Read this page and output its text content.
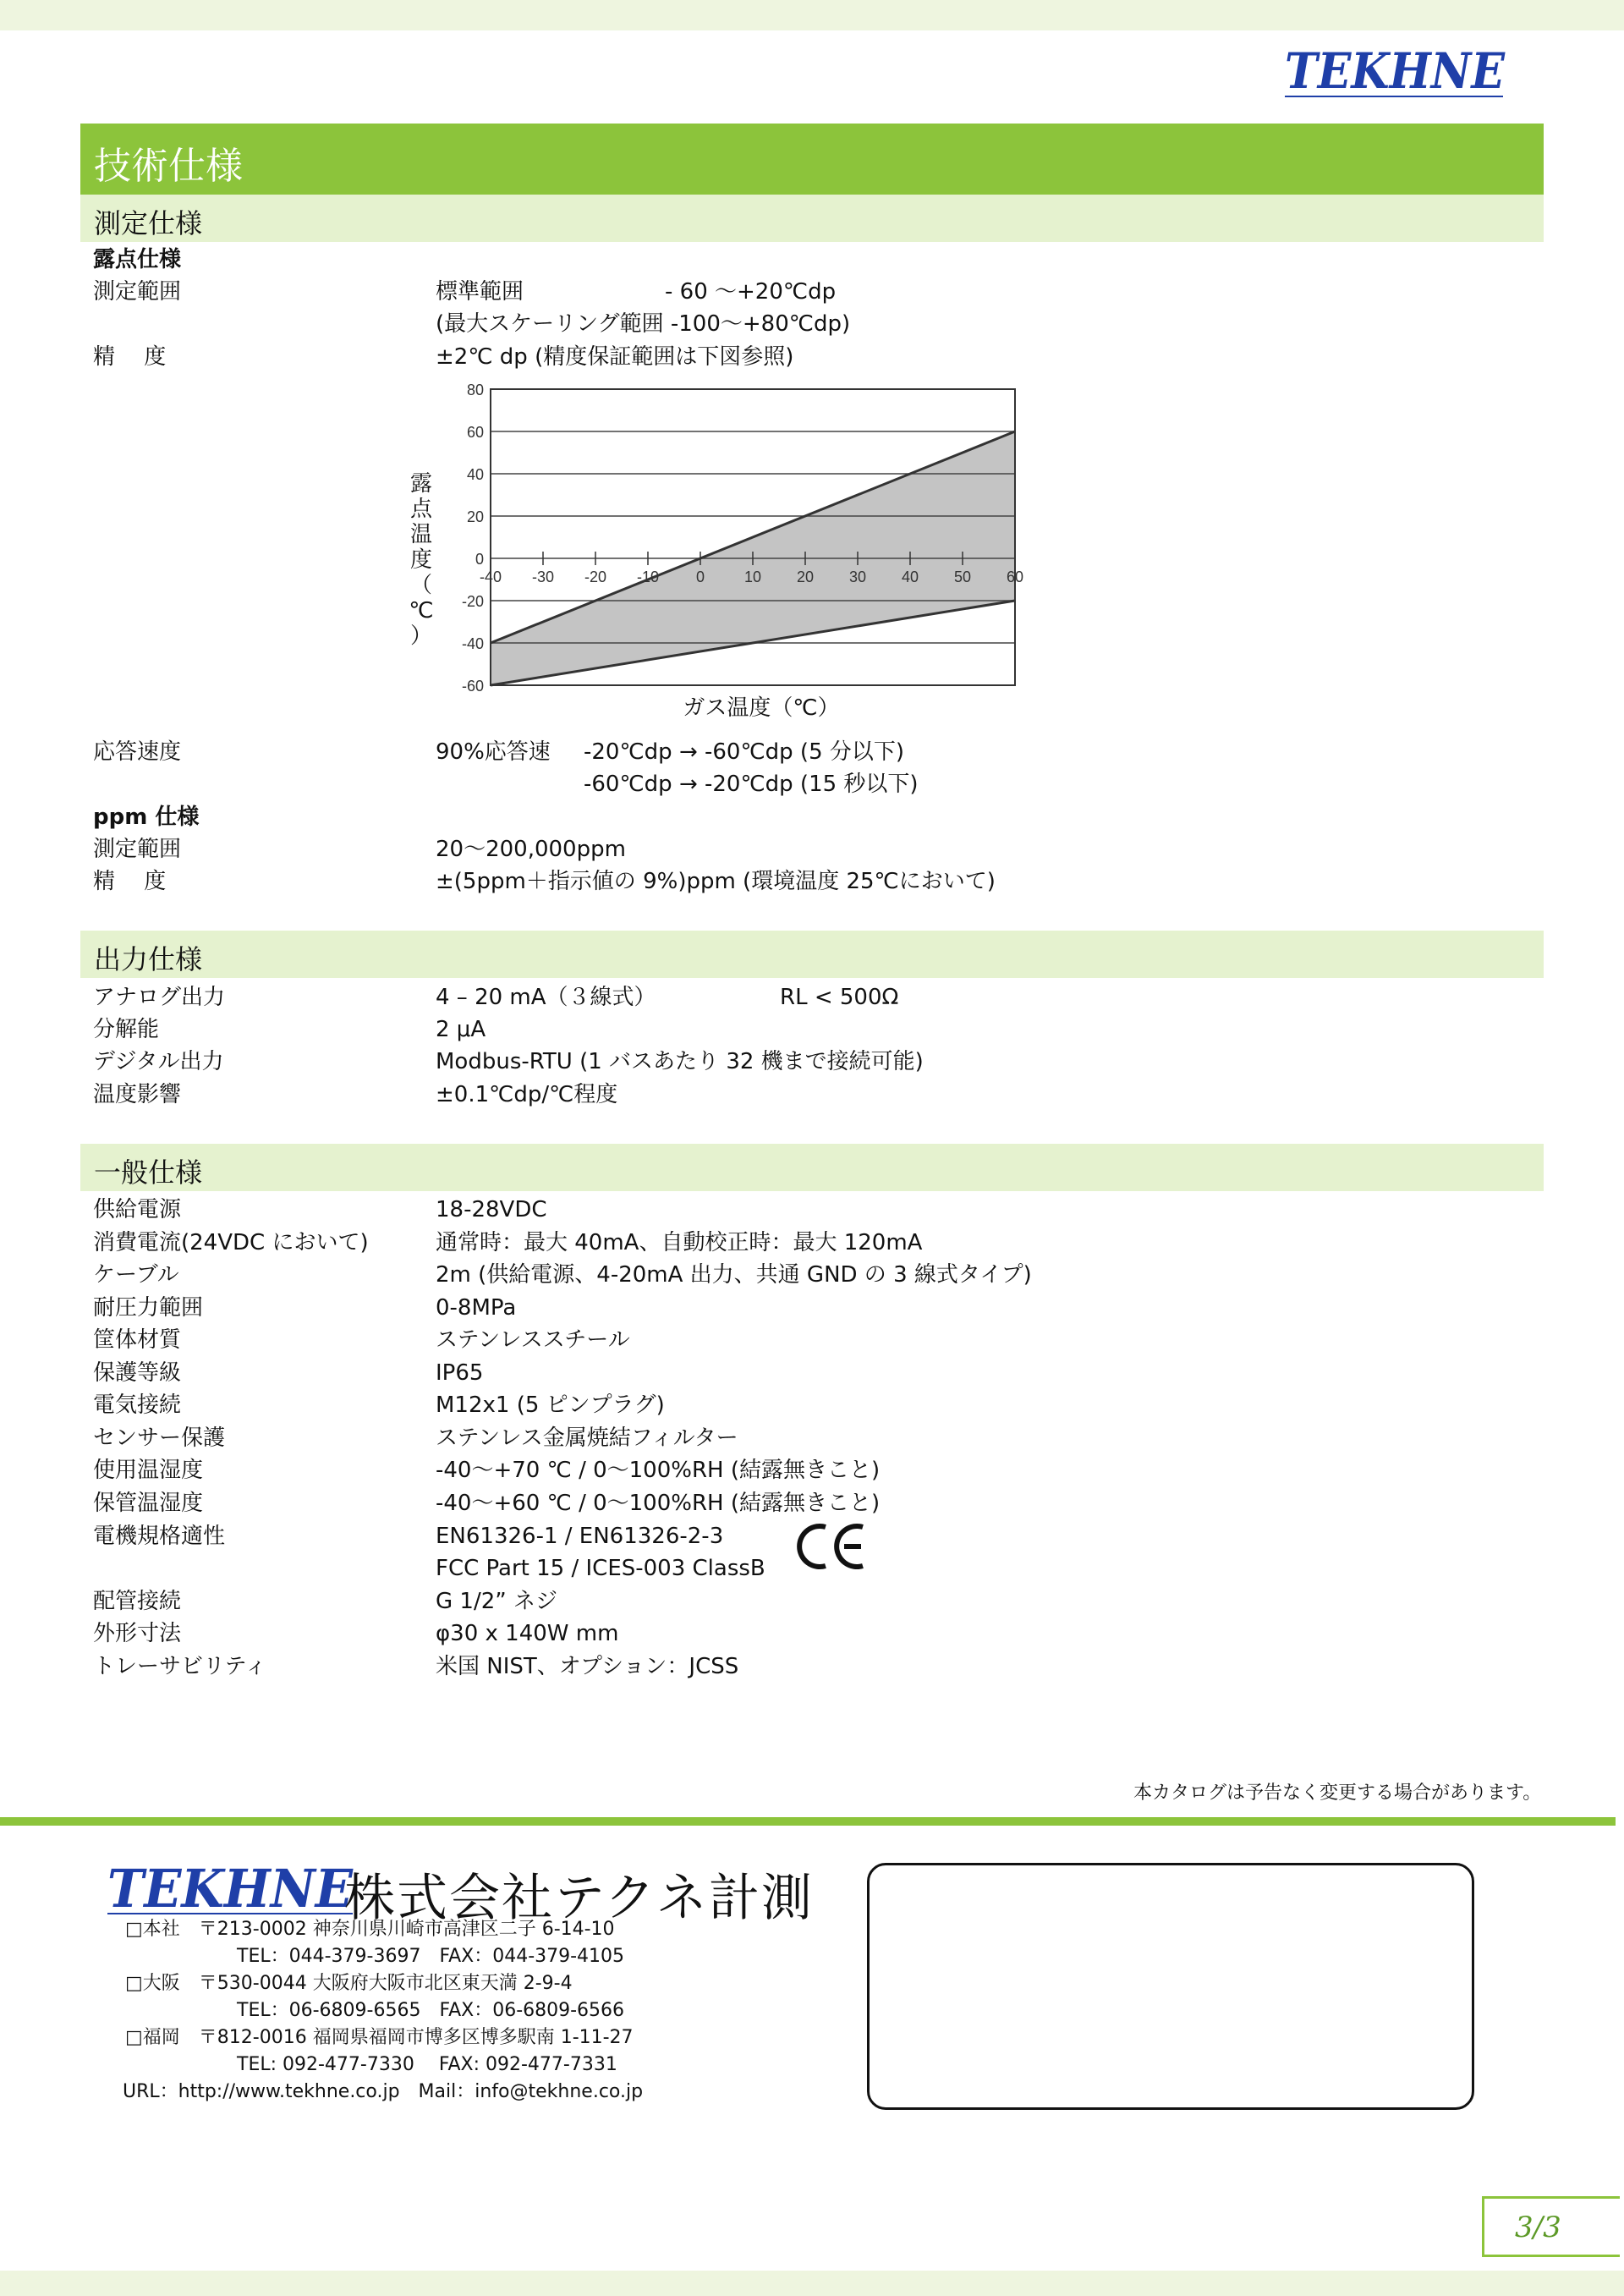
TEKHNE
技術仕様
測定仕様
露点仕様
測定範囲	標準範囲	- 60 ～+20℃dp
(最大スケーリング範囲 -100～+80℃dp)
精　 度	±2℃ dp (精度保証範囲は下図参照)
80
60
40
20
0
-20
-40
-60
-40 -30 -20 -10 0	10 20 30 40 50 60
ガス温度（℃）
露
点
温
度
（
℃
）
応答速度	90%応答速 -20℃dp → -60℃dp (5 分以下)
-60℃dp → -20℃dp (15 秒以下)
ppm 仕様
測定範囲	20～200,000ppm
精　 度	±(5ppm＋指示値の 9%)ppm (環境温度 25℃において)
出力仕様
アナログ出力	4 – 20 mA（３線式）	RL < 500Ω
分解能	2 μA
デジタル出力	Modbus-RTU (1 バスあたり 32 機まで接続可能)
温度影響	±0.1℃dp/℃程度
一般仕様
供給電源	18-28VDC
消費電流(24VDC において)	通常時：最大 40mA、自動校正時：最大 120mA
ケーブル	2m (供給電源、4-20mA 出力、共通 GND の 3 線式タイプ)
耐圧力範囲	0-8MPa
筐体材質	ステンレススチール
保護等級	IP65
電気接続	M12x1 (5 ピンプラグ)
センサー保護	ステンレス金属焼結フィルター
使用温湿度	-40～+70 ℃ / 0～100%RH (結露無きこと)
保管温湿度	-40～+60 ℃ / 0～100%RH (結露無きこと)
電機規格適性	EN61326-1 / EN61326-2-3
FCC Part 15 / ICES-003 ClassB
配管接続	G 1/2” ネジ
外形寸法	φ30 x 140W mm
トレーサビリティ	米国 NIST、オプション：JCSS
本カタログは予告なく変更する場合があります。
TEKHNE
株式会社テクネ計測
□本社　〒213-0002 神奈川県川崎市高津区二子 6-14-10
TEL：044-379-3697　FAX：044-379-4105
□大阪　〒530-0044 大阪府大阪市北区東天満 2-9-4
TEL：06-6809-6565　FAX：06-6809-6566
□福岡　〒812-0016 福岡県福岡市博多区博多駅南 1-11-27
TEL: 092-477-7330　 FAX: 092-477-7331
URL：http://www.tekhne.co.jp　Mail：info@tekhne.co.jp
3/3
